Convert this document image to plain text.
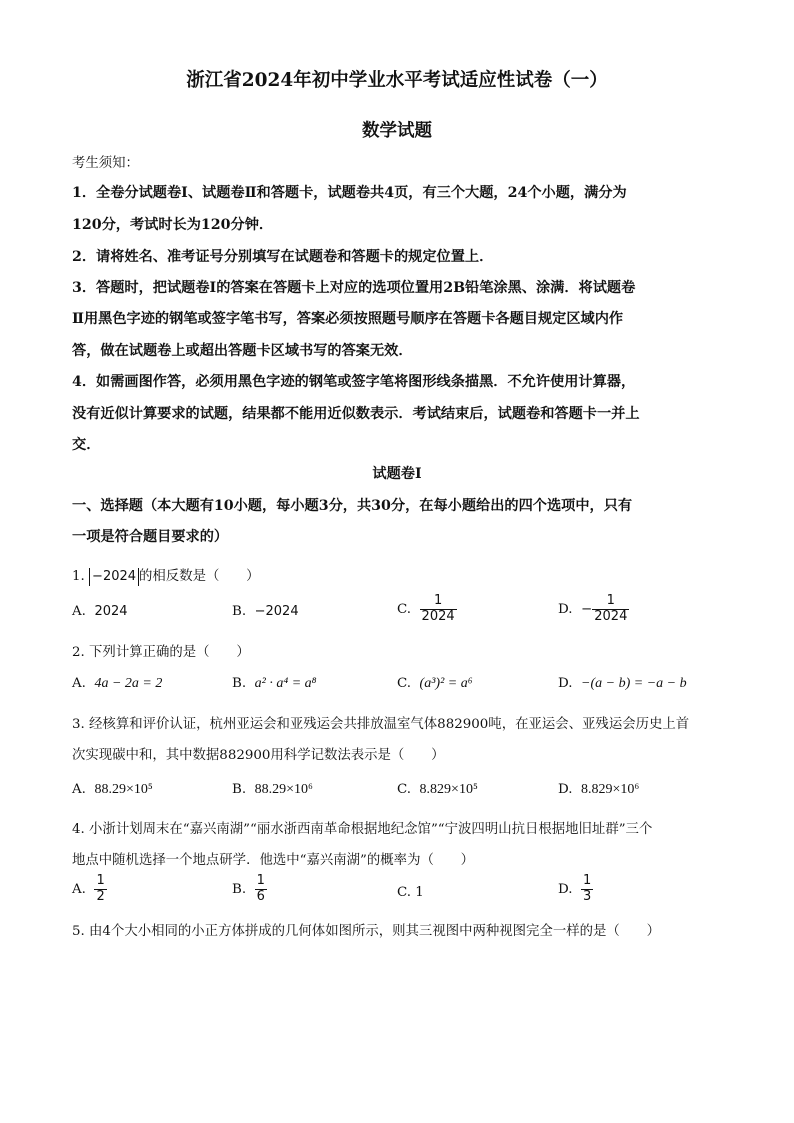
浙江省2024年初中学业水平考试适应性试卷（一）
数学试题
考生须知：
1．全卷分试题卷Ⅰ、试题卷Ⅱ和答题卡，试题卷共4页，有三个大题，24个小题，满分为
120分，考试时长为120分钟．
2．请将姓名、准考证号分别填写在试题卷和答题卡的规定位置上．
3．答题时，把试题卷Ⅰ的答案在答题卡上对应的选项位置用2B铅笔涂黑、涂满．将试题卷
Ⅱ用黑色字迹的钢笔或签字笔书写，答案必须按照题号顺序在答题卡各题目规定区域内作
答，做在试题卷上或超出答题卡区域书写的答案无效．
4．如需画图作答，必须用黑色字迹的钢笔或签字笔将图形线条描黑．不允许使用计算器，
没有近似计算要求的试题，结果都不能用近似数表示．考试结束后，试题卷和答题卡一并上
交．
试题卷Ⅰ
一、选择题（本大题有10小题，每小题3分，共30分，在每小题给出的四个选项中，只有
一项是符合题目要求的）
1. −2024 的相反数是（　　）
A. 2024	B. −2024	C. $\frac{1}{2024}$	D. − $\frac{1}{2024}$
2. 下列计算正确的是（　　）
A. 4a − 2a = 2	B. a² · a⁴ = a⁸	C. (a³)² = a⁶	D. −(a − b) = −a − b
3. 经核算和评价认证，杭州亚运会和亚残运会共排放温室气体882900吨，在亚运会、亚残运会历史上首
次实现碳中和，其中数据882900用科学记数法表示是（　　）
A. 88.29×10⁵	B. 88.29×10⁶	C. 8.829×10⁵	D. 8.829×10⁶
4. 小浙计划周末在“嘉兴南湖”“丽水浙西南革命根据地纪念馆”“宁波四明山抗日根据地旧址群”三个
地点中随机选择一个地点研学．他选中“嘉兴南湖”的概率为（　　）
A. $\frac{1}{2}$	B. $\frac{1}{6}$	C. 1	D. $\frac{1}{3}$
5. 由4个大小相同的小正方体拼成的几何体如图所示，则其三视图中两种视图完全一样的是（　　）
